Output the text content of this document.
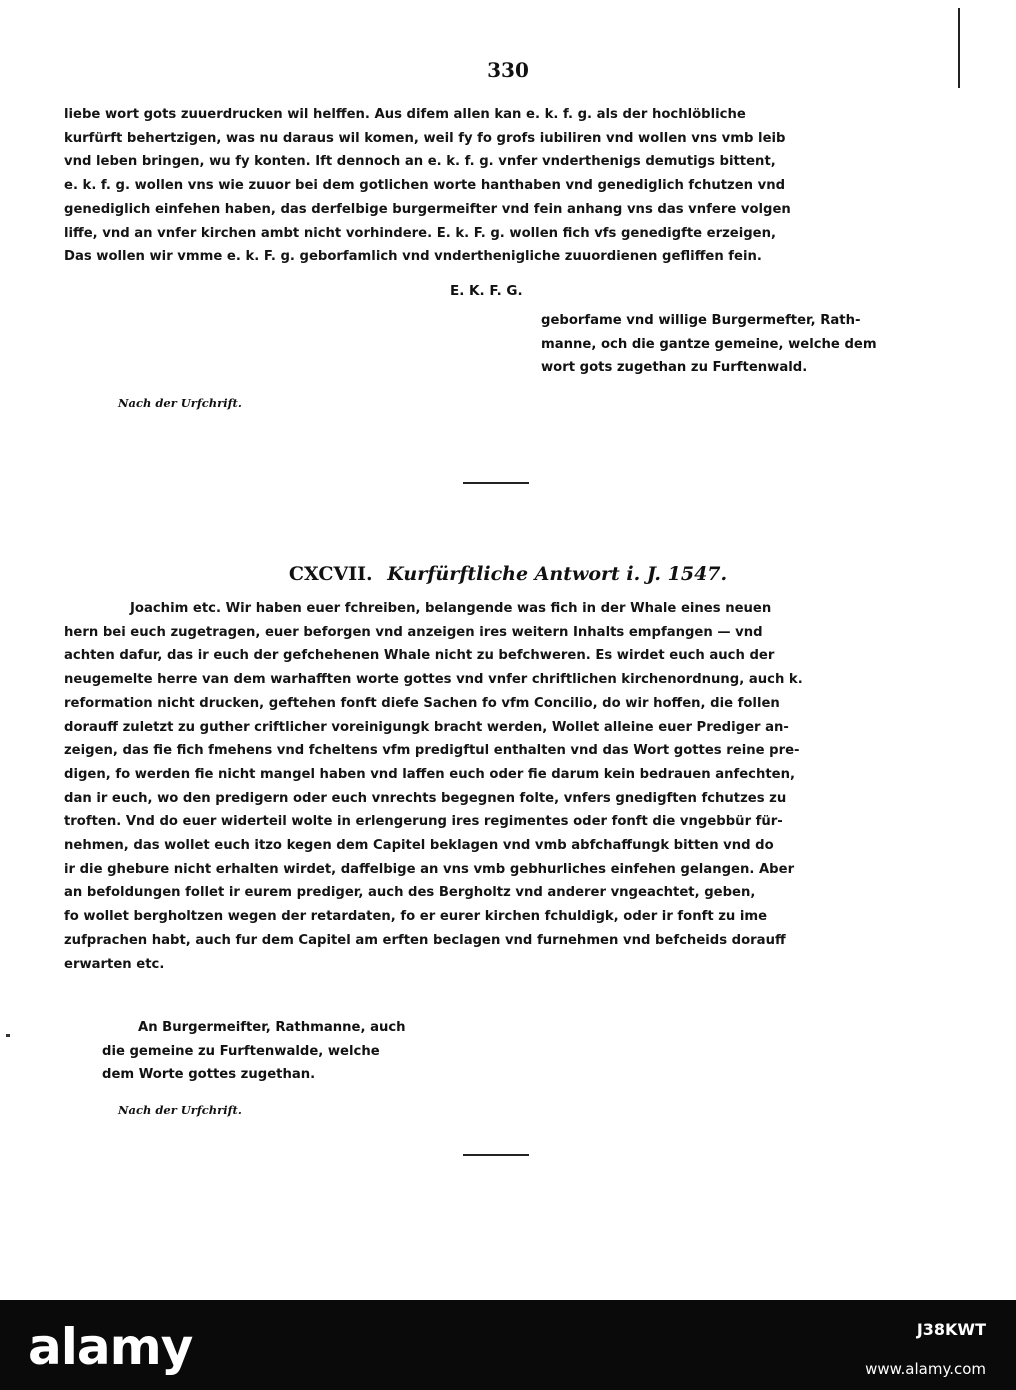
330
liebe wort gots zuuerdrucken wil helffen. Aus difem allen kan e. k. f. g. als der hochlöbliche
kurfürft behertzigen, was nu daraus wil komen, weil fy fo grofs iubiliren vnd wollen vns vmb leib
vnd leben bringen, wu fy konten. Ift dennoch an e. k. f. g. vnfer vnderthenigs demutigs bittent,
e. k. f. g. wollen vns wie zuuor bei dem gotlichen worte hanthaben vnd genediglich fchutzen vnd
genediglich einfehen haben, das derfelbige burgermeifter vnd fein anhang vns das vnfere volgen
liffe, vnd an vnfer kirchen ambt nicht vorhindere. E. k. F. g. wollen fich vfs genedigfte erzeigen,
Das wollen wir vmme e. k. F. g. geborfamlich vnd vnderthenigliche zuuordienen gefliffen fein.
E. K. F. G.
geborfame vnd willige Burgermefter, Rath-
manne, och die gantze gemeine, welche dem
wort gots zugethan zu Furftenwald.
Nach der Urfchrift.
CXCVII. Kurfürftliche Antwort i. J. 1547.
Joachim etc. Wir haben euer fchreiben, belangende was fich in der Whale eines neuen
hern bei euch zugetragen, euer beforgen vnd anzeigen ires weitern Inhalts empfangen — vnd
achten dafur, das ir euch der gefchehenen Whale nicht zu befchweren. Es wirdet euch auch der
neugemelte herre van dem warhafften worte gottes vnd vnfer chriftlichen kirchenordnung, auch k.
reformation nicht drucken, geftehen fonft diefe Sachen fo vfm Concilio, do wir hoffen, die follen
dorauff zuletzt zu guther criftlicher voreinigungk bracht werden, Wollet alleine euer Prediger an-
zeigen, das fie fich fmehens vnd fcheltens vfm predigftul enthalten vnd das Wort gottes reine pre-
digen, fo werden fie nicht mangel haben vnd laffen euch oder fie darum kein bedrauen anfechten,
dan ir euch, wo den predigern oder euch vnrechts begegnen folte, vnfers gnedigften fchutzes zu
troften. Vnd do euer widerteil wolte in erlengerung ires regimentes oder fonft die vngebbür für-
nehmen, das wollet euch itzo kegen dem Capitel beklagen vnd vmb abfchaffungk bitten vnd do
ir die ghebure nicht erhalten wirdet, daffelbige an vns vmb gebhurliches einfehen gelangen. Aber
an befoldungen follet ir eurem prediger, auch des Bergholtz vnd anderer vngeachtet, geben,
fo wollet bergholtzen wegen der retardaten, fo er eurer kirchen fchuldigk, oder ir fonft zu ime
zufprachen habt, auch fur dem Capitel am erften beclagen vnd furnehmen vnd befcheids dorauff
erwarten etc.
An Burgermeifter, Rathmanne, auch
die gemeine zu Furftenwalde, welche
dem Worte gottes zugethan.
Nach der Urfchrift.
alamy	J38KWT
www.alamy.com
